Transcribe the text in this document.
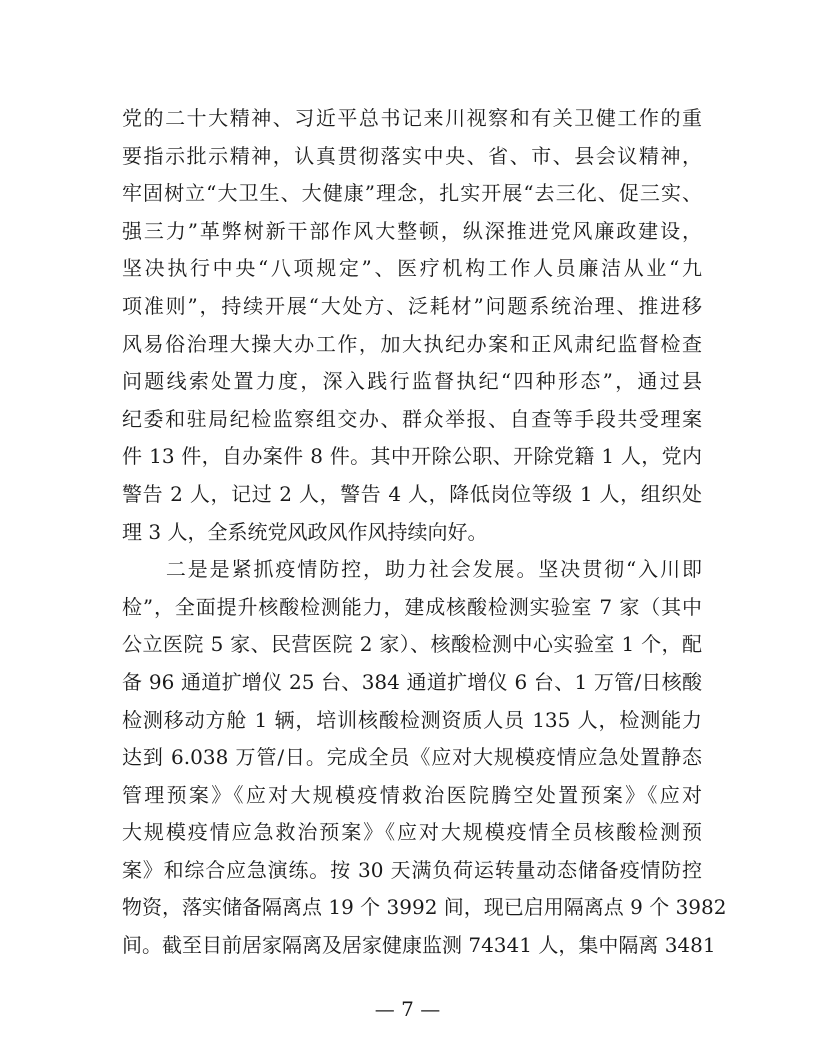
党的二十大精神、习近平总书记来川视察和有关卫健工作的重
要指示批示精神，认真贯彻落实中央、省、市、县会议精神，
牢固树立“大卫生、大健康”理念，扎实开展“去三化、促三实、
强三力”革弊树新干部作风大整顿，纵深推进党风廉政建设，
坚决执行中央“八项规定”、医疗机构工作人员廉洁从业“九
项准则”，持续开展“大处方、泛耗材”问题系统治理、推进移
风易俗治理大操大办工作，加大执纪办案和正风肃纪监督检查
问题线索处置力度，深入践行监督执纪“四种形态”，通过县
纪委和驻局纪检监察组交办、群众举报、自查等手段共受理案
件 13 件，自办案件 8 件。其中开除公职、开除党籍 1 人，党内
警告 2 人，记过 2 人，警告 4 人，降低岗位等级 1 人，组织处
理 3 人，全系统党风政风作风持续向好。
　　二是是紧抓疫情防控，助力社会发展。坚决贯彻“入川即
检”，全面提升核酸检测能力，建成核酸检测实验室 7 家（其中
公立医院 5 家、民营医院 2 家）、核酸检测中心实验室 1 个，配
备 96 通道扩增仪 25 台、384 通道扩增仪 6 台、1 万管/日核酸
检测移动方舱 1 辆，培训核酸检测资质人员 135 人，检测能力
达到 6.038 万管/日。完成全员《应对大规模疫情应急处置静态
管理预案》《应对大规模疫情救治医院腾空处置预案》《应对
大规模疫情应急救治预案》《应对大规模疫情全员核酸检测预
案》和综合应急演练。按 30 天满负荷运转量动态储备疫情防控
物资，落实储备隔离点 19 个 3992 间，现已启用隔离点 9 个 3982
间。截至目前居家隔离及居家健康监测 74341 人，集中隔离 3481
— 7 —
